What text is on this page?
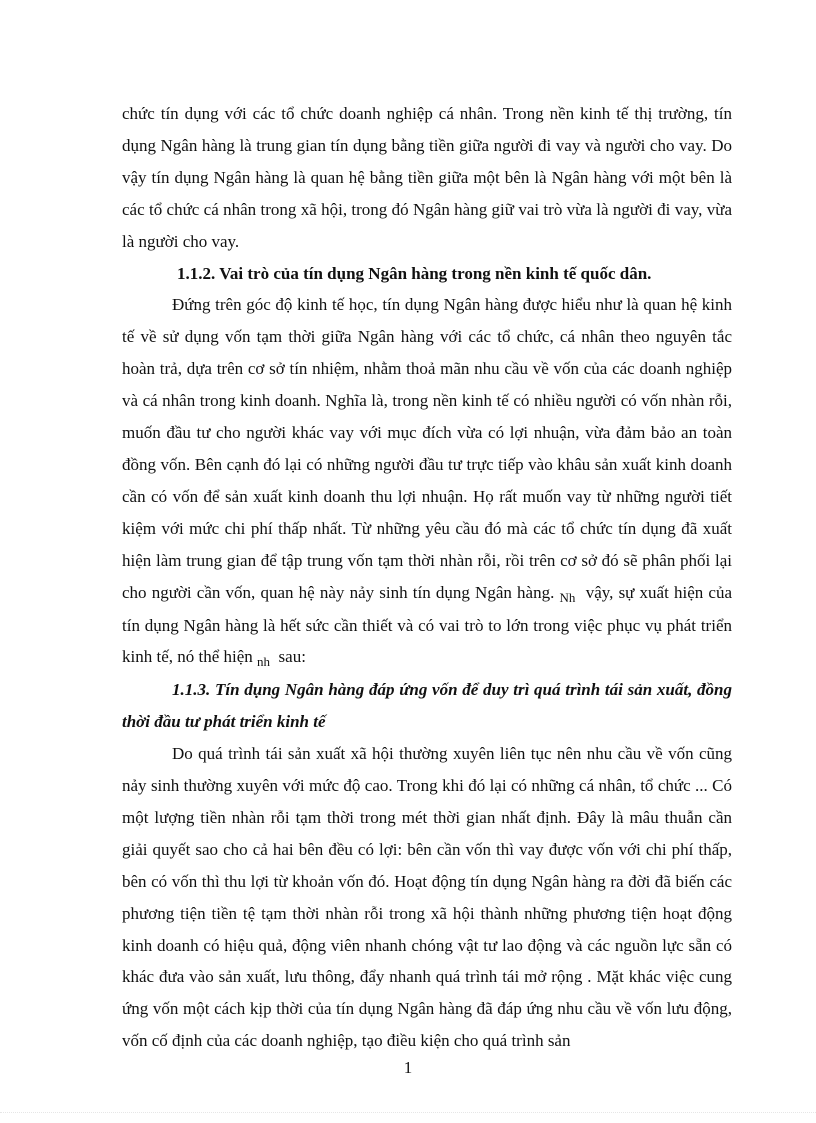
chức tín dụng với các tổ chức doanh nghiệp cá nhân. Trong nền kinh tế thị trường, tín dụng Ngân hàng là trung gian tín dụng bằng tiền giữa người đi vay và người cho vay. Do vậy tín dụng Ngân hàng là quan hệ bằng tiền giữa một bên là Ngân hàng với một bên là các tổ chức cá nhân trong xã hội, trong đó Ngân hàng giữ vai trò vừa là người đi vay, vừa là người cho vay.

1.1.2. Vai trò của tín dụng Ngân hàng trong nền kinh tế quốc dân.

Đứng trên góc độ kinh tế học, tín dụng Ngân hàng được hiểu như là quan hệ kinh tế về sử dụng vốn tạm thời giữa Ngân hàng với các tổ chức, cá nhân theo nguyên tắc hoàn trả, dựa trên cơ sở tín nhiệm, nhằm thoả mãn nhu cầu về vốn của các doanh nghiệp và cá nhân trong kinh doanh. Nghĩa là, trong nền kinh tế có nhiều người có vốn nhàn rỗi, muốn đầu tư cho người khác vay với mục đích vừa có lợi nhuận, vừa đảm bảo an toàn đồng vốn. Bên cạnh đó lại có những người đầu tư trực tiếp vào khâu sản xuất kinh doanh cần có vốn để sản xuất kinh doanh thu lợi nhuận. Họ rất muốn vay từ những người tiết kiệm với mức chi phí thấp nhất. Từ những yêu cầu đó mà các tổ chức tín dụng đã xuất hiện làm trung gian để tập trung vốn tạm thời nhàn rỗi, rồi trên cơ sở đó sẽ phân phối lại cho người cần vốn, quan hệ này nảy sinh tín dụng Ngân hàng. $_{Nh}$ vậy, sự xuất hiện của tín dụng Ngân hàng là hết sức cần thiết và có vai trò to lớn trong việc phục vụ phát triển kinh tế, nó thể hiện $_{nh}$ sau:

1.1.3. Tín dụng Ngân hàng đáp ứng vốn để duy trì quá trình tái sản xuất, đồng thời đầu tư phát triển kinh tế

Do quá trình tái sản xuất xã hội thường xuyên liên tục nên nhu cầu về vốn cũng nảy sinh thường xuyên với mức độ cao. Trong khi đó lại có những cá nhân, tổ chức ... Có một lượng tiền nhàn rỗi tạm thời trong mét thời gian nhất định. Đây là mâu thuẫn cần giải quyết sao cho cả hai bên đều có lợi: bên cần vốn thì vay được vốn với chi phí thấp, bên có vốn thì thu lợi từ khoản vốn đó. Hoạt động tín dụng Ngân hàng ra đời đã biến các phương tiện tiền tệ tạm thời nhàn rỗi trong xã hội thành những phương tiện hoạt động kinh doanh có hiệu quả, động viên nhanh chóng vật tư lao động và các nguồn lực sẵn có khác đưa vào sản xuất, lưu thông, đẩy nhanh quá trình tái mở rộng . Mặt khác việc cung ứng vốn một cách kịp thời của tín dụng Ngân hàng đã đáp ứng nhu cầu về vốn lưu động, vốn cố định của các doanh nghiệp, tạo điều kiện cho quá trình sản

1
